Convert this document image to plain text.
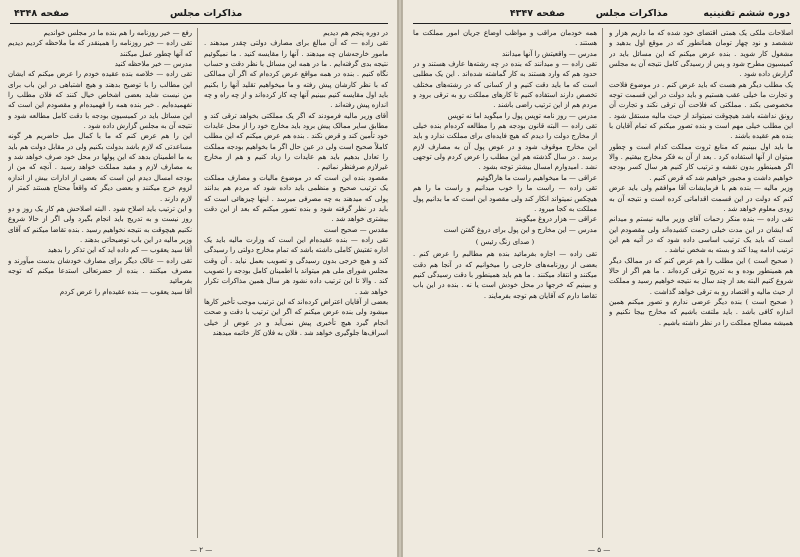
صفحه ۴۳۴۸	مذاکرات مجلس

در دوره پنجم هم دیدیم

تقی زاده — که آن مبالغ برای مصارف دولتی چقدر میدهند . مامور خارجه‌شان چه میدهند . آنها را مقایسه کنید . ما نمیگوئیم نتیجه بدی گرفته‌ایم . ما در همه این مسائل با نظر دقت و حساب نگاه کنیم . بنده در همه مواقع عرض کرده‌ام که اگر آن ممالکی که با نظر کارشان پیش رفته و ما میخواهیم تقلید آنها را بکنیم باید اول مقایسه کنیم ببینیم آنها چه کار کرده‌اند و از چه راه و چه اندازه پیش رفته‌اند .

آقای وزیر مالیه فرمودند که اگر یک مملکتی بخواهد ترقی کند و مطابق سایر ممالک پیش برود باید مخارج خود را از محل عایدات خود تأمین کند و قرض نکند . بنده هم عرض میکنم که این مطلب کاملاً صحیح است ولی در عین حال اگر ما بخواهیم بودجه مملکت را تعادل بدهیم باید هم عایدات را زیاد کنیم و هم از مخارج غیرلازم صرفنظر نمائیم .

مقصود بنده این است که در موضوع مالیات و مصارف مملکت یک ترتیب صحیح و منظمی باید داده شود که مردم هم بدانند پولی که میدهند به چه مصرفی میرسد . اینها چیزهائی است که باید در نظر گرفته شود و بنده تصور میکنم که بعد از این دقت بیشتری خواهد شد .

مقدس — صحیح است

تقی زاده — بنده عقیده‌ام این است که وزارت مالیه باید یک اداره تفتیش کاملی داشته باشد که تمام مخارج دولتی را رسیدگی کند و هیچ خرجی بدون رسیدگی و تصویب بعمل نیاید . آن وقت مجلس شورای ملی هم میتواند با اطمینان کامل بودجه را تصویب کند . والا تا این ترتیب داده نشود هر سال همین مذاکرات تکرار خواهد شد .

بعضی از آقایان اعتراض کرده‌اند که این ترتیب موجب تأخیر کارها میشود ولی بنده عرض میکنم که اگر این ترتیب با دقت و صحت انجام گیرد هیچ تأخیری پیش نمی‌آید و در عوض از خیلی اسراف‌ها جلوگیری خواهد شد . فلان به فلان کار خاتمه میدهند

رفع — خیر روزنامه را هم بنده ما در مجلس خواندیم

تقی زاده — خیر روزنامه را همینقدر که ما ملاحظه کردیم دیدیم که آنها چطور عمل میکنند

مدرس — خیر ملاحظه کنید

تقی زاده — خلاصه بنده عقیده خودم را عرض میکنم که ایشان این مطالب را با توضیح بدهند و هیچ اشتباهی در این باب برای من نیست شاید بعضی اشخاص خیال کنند که فلان مطلب را نفهمیده‌ایم . خیر بنده همه را فهمیده‌ام و مقصودم این است که این مسائل باید در کمیسیون بودجه با دقت کامل مطالعه شود و نتیجه آن به مجلس گزارش داده شود .

این را هم عرض کنم که ما با کمال میل حاضریم هر گونه مساعدتی که لازم باشد بدولت بکنیم ولی در مقابل دولت هم باید به ما اطمینان بدهد که این پولها در محل خود صرف خواهد شد و به مصارف لازم و مفید مملکت خواهد رسید . آنچه که من از بودجه امسال دیدم این است که بعضی از ادارات بیش از اندازه لزوم خرج میکنند و بعضی دیگر که واقعاً محتاج هستند کمتر از لازم دارند .

و این ترتیب باید اصلاح شود . البته اصلاحش هم کار یک روز و دو روز نیست و به تدریج باید انجام بگیرد ولی اگر از حالا شروع نکنیم هیچوقت به نتیجه نخواهیم رسید . بنده تقاضا میکنم که آقای وزیر مالیه در این باب توضیحاتی بدهند .

آقا سید یعقوب — کم داده اید که این تذکر را بدهید

تقی زاده — عالک دیگر برای مصارف خودشان بدست میآورند و مصرف میکنند . بنده از حضرتعالی استدعا میکنم که توجه بفرمائید

آقا سید یعقوب — بنده عقیده‌ام را عرض کردم

— ۲ —
دوره ششم تقنینیه
مذاکرات مجلس
صفحه ۴۳۴۷

اصلاحات ملکی یک همتی اقتضای خود شده که ما داریم هزار و ششصد و نود چهار تومان همانطور که در موقع اول بدهید و مشغول کار شوید . بنده عرض میکنم که این مسائل باید در کمیسیون مطرح شود و پس از رسیدگی کامل نتیجه آن به مجلس گزارش داده شود .

یک مطلب دیگر هم هست که باید عرض کنم . در موضوع فلاحت و تجارت ما خیلی عقب هستیم و باید دولت در این قسمت توجه مخصوصی بکند . مملکتی که فلاحت آن ترقی نکند و تجارت آن رونق نداشته باشد هیچوقت نمیتواند از حیث مالیه مستقل شود . این مطلب خیلی مهم است و بنده تصور میکنم که تمام آقایان با بنده هم عقیده باشند .

ما باید اول ببینیم که منابع ثروت مملکت کدام است و چطور میتوان از آنها استفاده کرد . بعد از آن به فکر مخارج بیفتیم . والا اگر همینطور بدون نقشه و ترتیب کار کنیم هر سال کسر بودجه خواهیم داشت و مجبور خواهیم شد که قرض کنیم .

وزیر مالیه — بنده هم با فرمایشات آقا موافقم ولی باید عرض کنم که دولت در این قسمت اقداماتی کرده است و نتیجه آن به زودی معلوم خواهد شد .

تقی زاده — بنده منکر زحمات آقای وزیر مالیه نیستم و میدانم که ایشان در این مدت خیلی زحمت کشیده‌اند ولی مقصودم این است که باید یک ترتیب اساسی داده شود که در آتیه هم این ترتیب ادامه پیدا کند و بسته به شخص نباشد .

( صحیح است ) این مطلب را هم عرض کنم که در ممالک دیگر هم همینطور بوده و به تدریج ترقی کرده‌اند . ما هم اگر از حالا شروع کنیم البته بعد از چند سال به نتیجه خواهیم رسید و مملکت از حیث مالیه و اقتصاد رو به ترقی خواهد گذاشت .

( صحیح است ) بنده دیگر عرضی ندارم و تصور میکنم همین اندازه کافی باشد . باید ملتفت باشیم که مخارج بیجا نکنیم و همیشه مصالح مملکت را در نظر داشته باشیم .

همه خودمان مراقب و مواظب اوضاع جریان امور مملکت ما هستند .

مدرس — واقعیتش را آنها میدانند

تقی زاده — و میدانند که بنده در چه رشته‌ها عارف هستند و در حدود هم که وارد هستند به کار گماشته شده‌اند . این یک مطلبی است که ما باید دقت کنیم و از کسانی که در رشته‌های مختلف تخصص دارند استفاده کنیم تا کارهای مملکت رو به ترقی برود و مردم هم از این ترتیب راضی باشند .

مدرس — روز نامه توپس پول را میگوید اما نه توپس

تقی زاده — البته قانون بودجه هم را مطالعه کرده‌ام بنده خیلی از مخارج دولت را دیدم که هیچ فایده‌ای برای مملکت ندارد و باید این مخارج موقوف شود و در عوض پول آن به مصارف لازم برسد . در سال گذشته هم این مطلب را عرض کردم ولی توجهی نشد . امیدوارم امسال بیشتر توجه بشود .

عراقی — ما میخواهیم راست ما هاراگوئیم

تقی زاده — راست ما را خوب میدانیم و راست ما را هم هیچکس نمیتواند انکار کند ولی مقصود این است که ما بدانیم پول مملکت به کجا میرود .

عراقی — هزار دروغ میگویند

مدرس — این مخارج و این پول برای دروغ گفتن است

( صدای زنگ رئیس )

تقی زاده — اجازه بفرمائید بنده هم مطالبم را عرض کنم . بعضی از روزنامه‌های خارجی را میخوانیم که در آنجا هم دقت میکنند و انتقاد میکنند . ما هم باید همینطور با دقت رسیدگی کنیم و ببینیم که خرجها در محل خودش است یا نه . بنده در این باب تقاضا دارم که آقایان هم توجه بفرمایند .

— ۵ —
